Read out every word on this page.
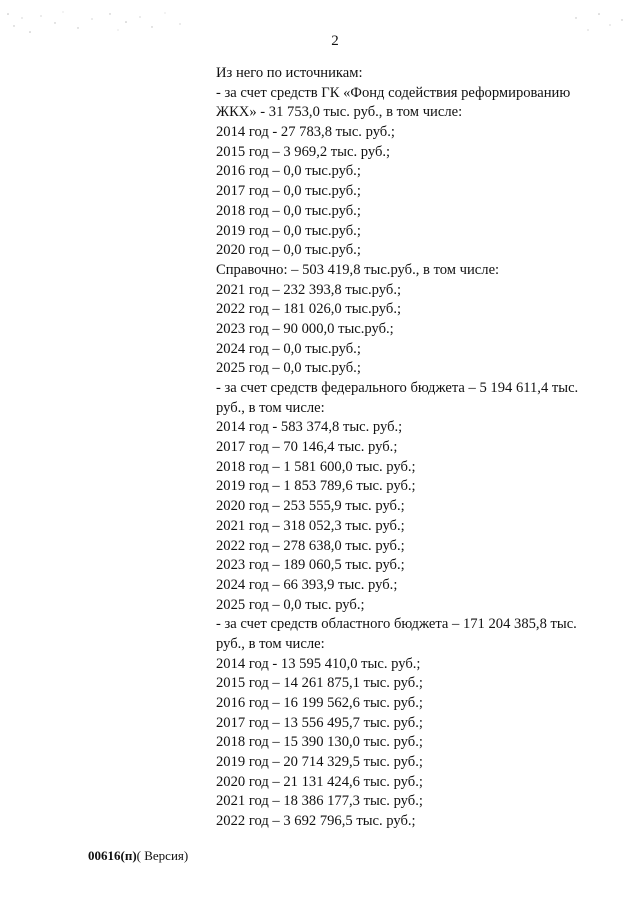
2
Из него по источникам:
- за счет средств ГК «Фонд содействия реформированию
ЖКХ» - 31 753,0 тыс. руб., в том числе:
2014 год - 27 783,8 тыс. руб.;
2015 год – 3 969,2 тыс. руб.;
2016 год – 0,0 тыс.руб.;
2017 год – 0,0 тыс.руб.;
2018 год – 0,0 тыс.руб.;
2019 год – 0,0 тыс.руб.;
2020 год – 0,0 тыс.руб.;
Справочно: – 503 419,8 тыс.руб., в том числе:
2021 год – 232 393,8 тыс.руб.;
2022 год – 181 026,0 тыс.руб.;
2023 год – 90 000,0 тыс.руб.;
2024 год – 0,0 тыс.руб.;
2025 год – 0,0 тыс.руб.;
- за счет средств федерального бюджета – 5 194 611,4 тыс.
руб., в том числе:
2014 год - 583 374,8 тыс. руб.;
2017 год – 70 146,4 тыс. руб.;
2018 год – 1 581 600,0 тыс. руб.;
2019 год – 1 853 789,6 тыс. руб.;
2020 год – 253 555,9 тыс. руб.;
2021 год – 318 052,3 тыс. руб.;
2022 год – 278 638,0 тыс. руб.;
2023 год – 189 060,5 тыс. руб.;
2024 год – 66 393,9 тыс. руб.;
2025 год – 0,0 тыс. руб.;
- за счет средств областного бюджета – 171 204 385,8 тыс.
руб., в том числе:
2014 год - 13 595 410,0 тыс. руб.;
2015 год – 14 261 875,1 тыс. руб.;
2016 год – 16 199 562,6 тыс. руб.;
2017 год – 13 556 495,7 тыс. руб.;
2018 год – 15 390 130,0 тыс. руб.;
2019 год – 20 714 329,5 тыс. руб.;
2020 год – 21 131 424,6 тыс. руб.;
2021 год – 18 386 177,3 тыс. руб.;
2022 год – 3 692 796,5 тыс. руб.;
00616(п)( Версия)
